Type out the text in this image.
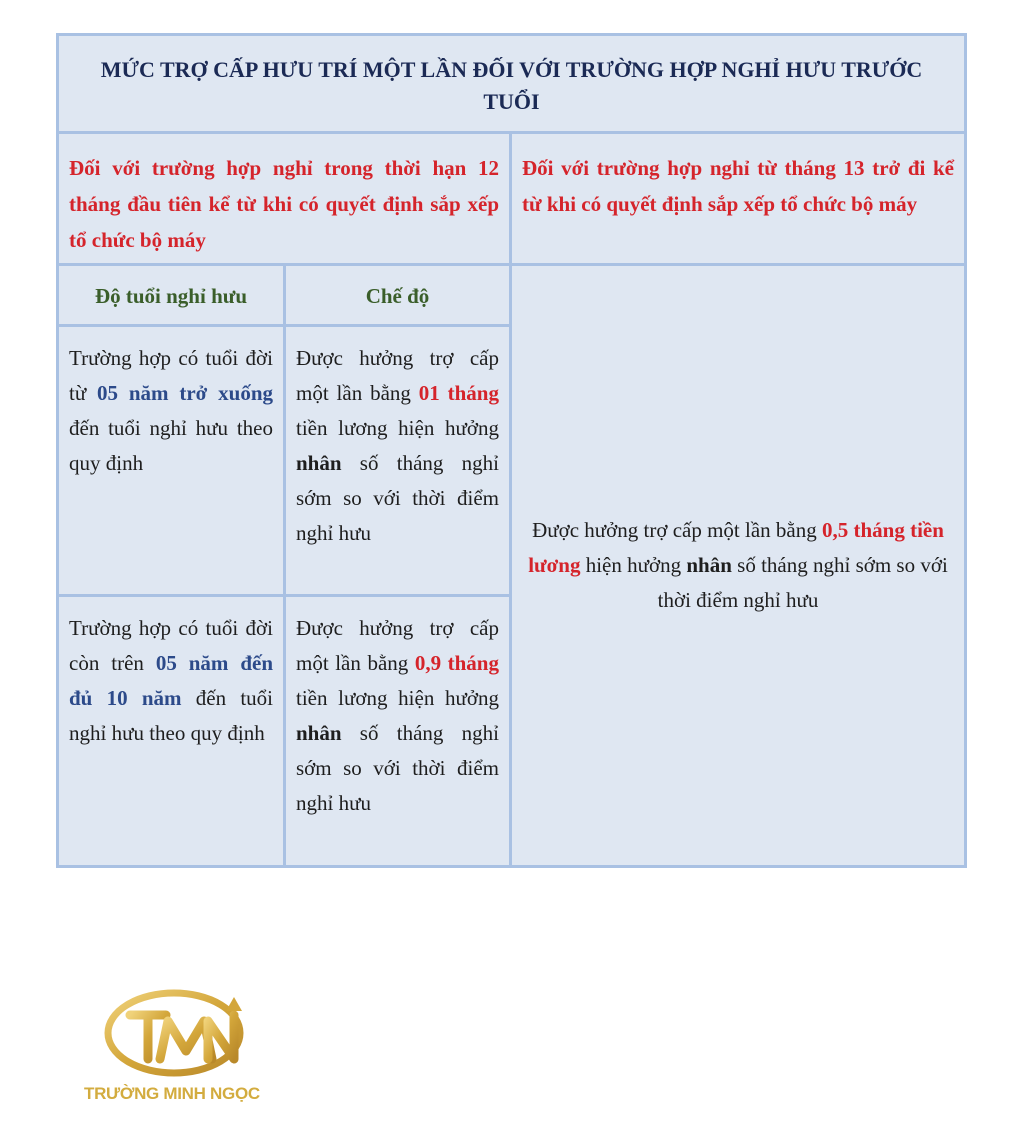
MỨC TRỢ CẤP HƯU TRÍ MỘT LẦN ĐỐI VỚI TRƯỜNG HỢP NGHỈ HƯU TRƯỚC TUỔI		
Đối với trường hợp nghỉ trong thời hạn 12 tháng đầu tiên kể từ khi có quyết định sắp xếp tổ chức bộ máy		Đối với trường hợp nghỉ từ tháng 13 trở đi kể từ khi có quyết định sắp xếp tổ chức bộ máy
Độ tuổi nghỉ hưu	Chế độ	Được hưởng trợ cấp một lần bằng 0,5 tháng tiền lương hiện hưởng nhân số tháng nghỉ sớm so với thời điểm nghỉ hưu
Trường hợp có tuổi đời từ 05 năm trở xuống đến tuổi nghỉ hưu theo quy định	Được hưởng trợ cấp một lần bằng 01 tháng tiền lương hiện hưởng nhân số tháng nghỉ sớm so với thời điểm nghỉ hưu	
Trường hợp có tuổi đời còn trên 05 năm đến đủ 10 năm đến tuổi nghỉ hưu theo quy định	Được hưởng trợ cấp một lần bằng 0,9 tháng tiền lương hiện hưởng nhân số tháng nghỉ sớm so với thời điểm nghỉ hưu	
TRƯỜNG MINH NGỌC
